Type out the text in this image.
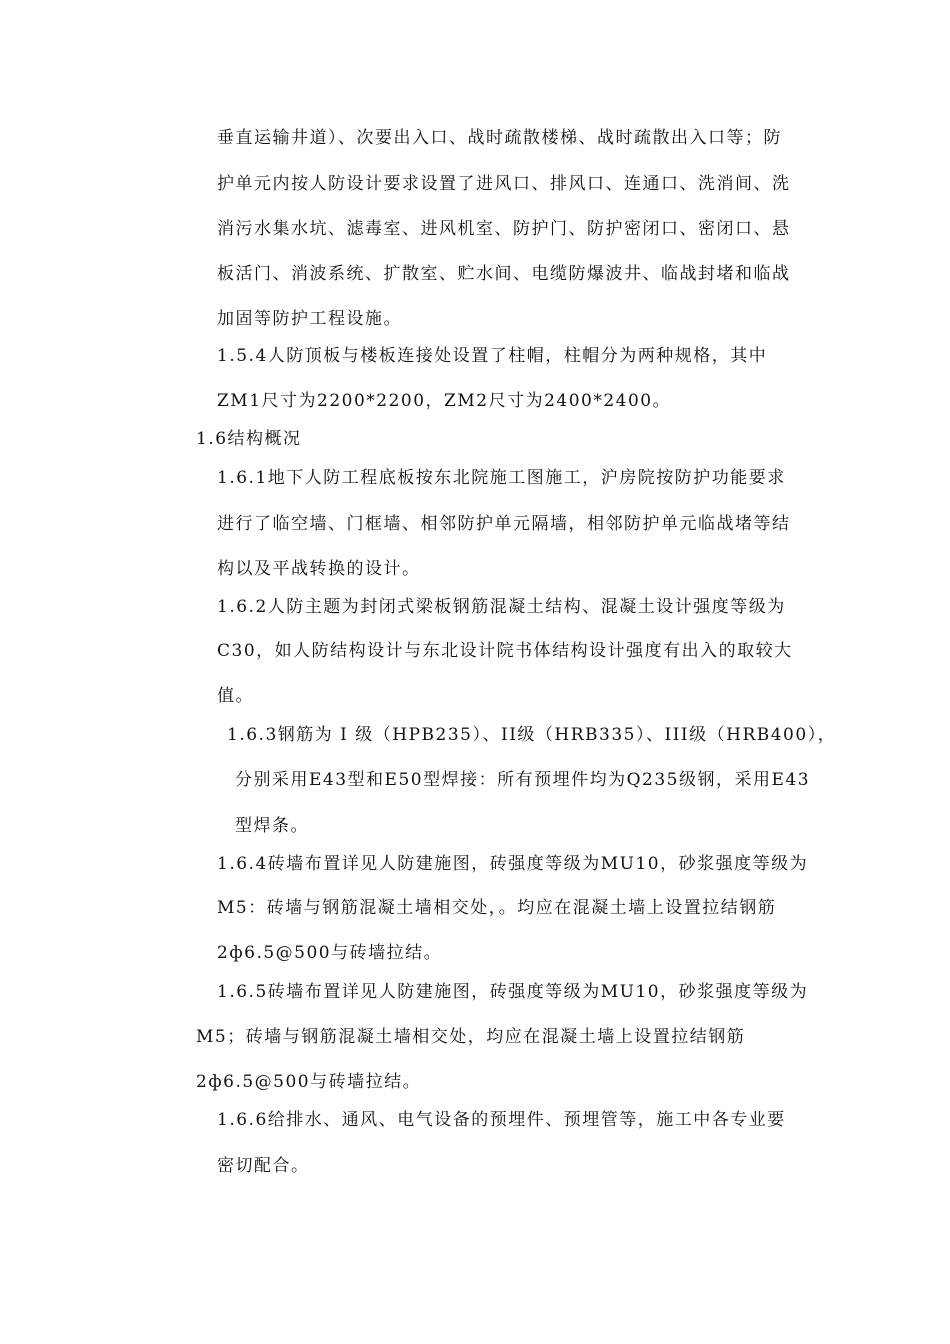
垂直运输井道）、次要出入口、战时疏散楼梯、战时疏散出入口等；防
护单元内按人防设计要求设置了进风口、排风口、连通口、洗消间、洗
消污水集水坑、滤毒室、进风机室、防护门、防护密闭口、密闭口、悬
板活门、消波系统、扩散室、贮水间、电缆防爆波井、临战封堵和临战
加固等防护工程设施。
1.5.4人防顶板与楼板连接处设置了柱帽，柱帽分为两种规格，其中
ZM1尺寸为2200*2200，ZM2尺寸为2400*2400。
1.6结构概况
1.6.1地下人防工程底板按东北院施工图施工，沪房院按防护功能要求
进行了临空墙、门框墙、相邻防护单元隔墙，相邻防护单元临战堵等结
构以及平战转换的设计。
1.6.2人防主题为封闭式梁板钢筋混凝土结构、混凝土设计强度等级为
C30，如人防结构设计与东北设计院书体结构设计强度有出入的取较大
值。
1.6.3钢筋为 I 级（HPB235）、II级（HRB335）、III级（HRB400），
分别采用E43型和E50型焊接：所有预埋件均为Q235级钢，采用E43
型焊条。
1.6.4砖墙布置详见人防建施图，砖强度等级为MU10，砂浆强度等级为
M5：砖墙与钢筋混凝土墙相交处，。均应在混凝土墙上设置拉结钢筋
2ф6.5@500与砖墙拉结。
1.6.5砖墙布置详见人防建施图，砖强度等级为MU10，砂浆强度等级为
M5；砖墙与钢筋混凝土墙相交处，均应在混凝土墙上设置拉结钢筋
2ф6.5@500与砖墙拉结。
1.6.6给排水、通风、电气设备的预埋件、预埋管等，施工中各专业要
密切配合。
